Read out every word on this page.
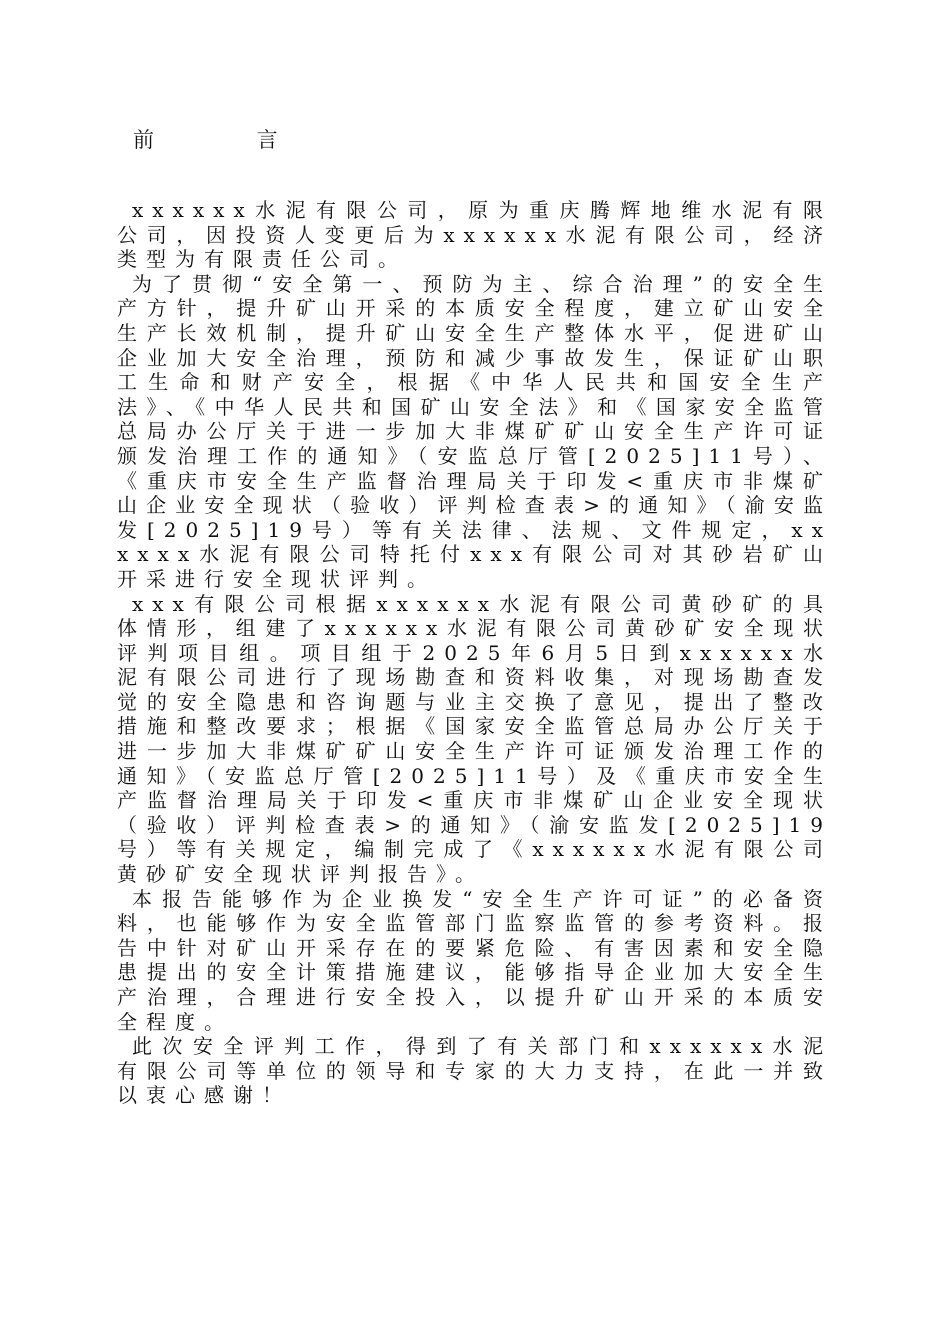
前 言

xxxxxx水泥有限公司，原为重庆腾辉地维水泥有限公司，因投资人变更后为xxxxxx水泥有限公司，经济类型为有限责任公司。

为了贯彻“安全第一、预防为主、综合治理”的安全生产方针，提升矿山开采的本质安全程度，建立矿山安全生产长效机制，提升矿山安全生产整体水平，促进矿山企业加大安全治理，预防和减少事故发生，保证矿山职工生命和财产安全，根据《中华人民共和国安全生产法》、《中华人民共和国矿山安全法》和《国家安全监管总局办公厅关于进一步加大非煤矿矿山安全生产许可证颁发治理工作的通知》（安监总厅管[2025]11号）、《重庆市安全生产监督治理局关于印发<重庆市非煤矿山企业安全现状（验收）评判检查表>的通知》（渝安监发[2025]19号）等有关法律、法规、文件规定，xxxxxx水泥有限公司特托付xxx有限公司对其砂岩矿山开采进行安全现状评判。

xxx有限公司根据xxxxxx水泥有限公司黄砂矿的具体情形，组建了xxxxxx水泥有限公司黄砂矿安全现状评判项目组。项目组于2025年6月5日到xxxxxx水泥有限公司进行了现场勘查和资料收集，对现场勘查发觉的安全隐患和咨询题与业主交换了意见，提出了整改措施和整改要求；根据《国家安全监管总局办公厅关于进一步加大非煤矿矿山安全生产许可证颁发治理工作的通知》（安监总厅管[2025]11号）及《重庆市安全生产监督治理局关于印发<重庆市非煤矿山企业安全现状（验收）评判检查表>的通知》（渝安监发[2025]19号）等有关规定，编制完成了《xxxxxx水泥有限公司黄砂矿安全现状评判报告》。

本报告能够作为企业换发“安全生产许可证”的必备资料，也能够作为安全监管部门监察监管的参考资料。报告中针对矿山开采存在的要紧危险、有害因素和安全隐患提出的安全计策措施建议，能够指导企业加大安全生产治理，合理进行安全投入，以提升矿山开采的本质安全程度。

此次安全评判工作，得到了有关部门和xxxxxx水泥有限公司等单位的领导和专家的大力支持，在此一并致以衷心感谢！
